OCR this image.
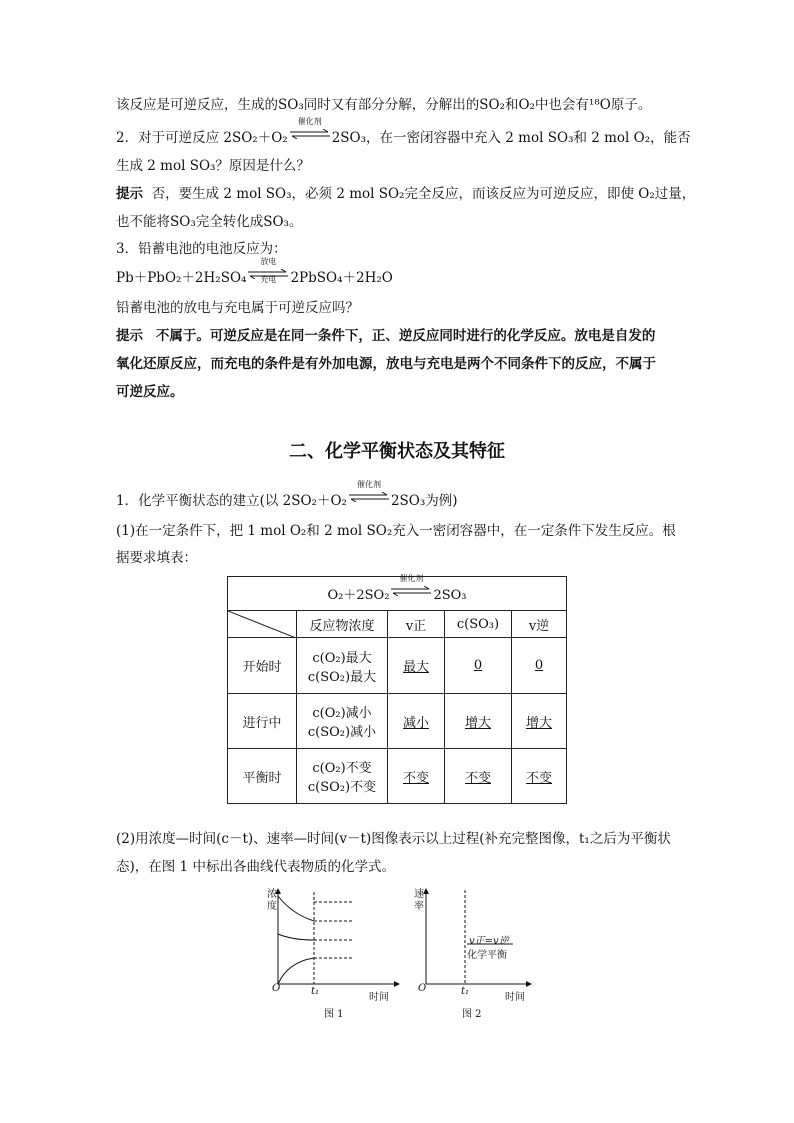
该反应是可逆反应，生成的SO₃同时又有部分分解，分解出的SO₂和O₂中也会有¹⁸O原子。
2．对于可逆反应 2SO₂＋O₂
催化剂
2SO₃，在一密闭容器中充入 2 mol SO₃和 2 mol O₂，能否
生成 2 mol SO₃？原因是什么？
提示 否，要生成 2 mol SO₃，必须 2 mol SO₂完全反应，而该反应为可逆反应，即使 O₂过量，
也不能将SO₃完全转化成SO₃。
3．铅蓄电池的电池反应为：
Pb＋PbO₂＋2H₂SO₄
放电
充电	2PbSO₄＋2H₂O
铅蓄电池的放电与充电属于可逆反应吗？
提示 不属于。可逆反应是在同一条件下，正、逆反应同时进行的化学反应。放电是自发的
氧化还原反应，而充电的条件是有外加电源，放电与充电是两个不同条件下的反应，不属于
可逆反应。
二、化学平衡状态及其特征
1．化学平衡状态的建立(以 2SO₂＋O₂
催化剂
2SO₃为例)
(1)在一定条件下，把 1 mol O₂和 2 mol SO₂充入一密闭容器中，在一定条件下发生反应。根
据要求填表：
O₂＋2SO₂
催化剂
2SO₃				

	反应物浓度	v正	c(SO₃)	v逆
开始时	c(O₂)最大
c(SO₂)最大	最大	0	0
进行中	c(O₂)减小
c(SO₂)减小	减小	增大	增大
平衡时	c(O₂)不变
c(SO₂)不变	不变	不变	不变
(2)用浓度—时间(c－t)、速率—时间(v－t)图像表示以上过程(补充完整图像，t₁之后为平衡状
态)，在图 1 中标出各曲线代表物质的化学式。
浓
度
O	t₁
时间
图 1
速
率
O	t₁
时间
v正=v逆
化学平衡
图 2
